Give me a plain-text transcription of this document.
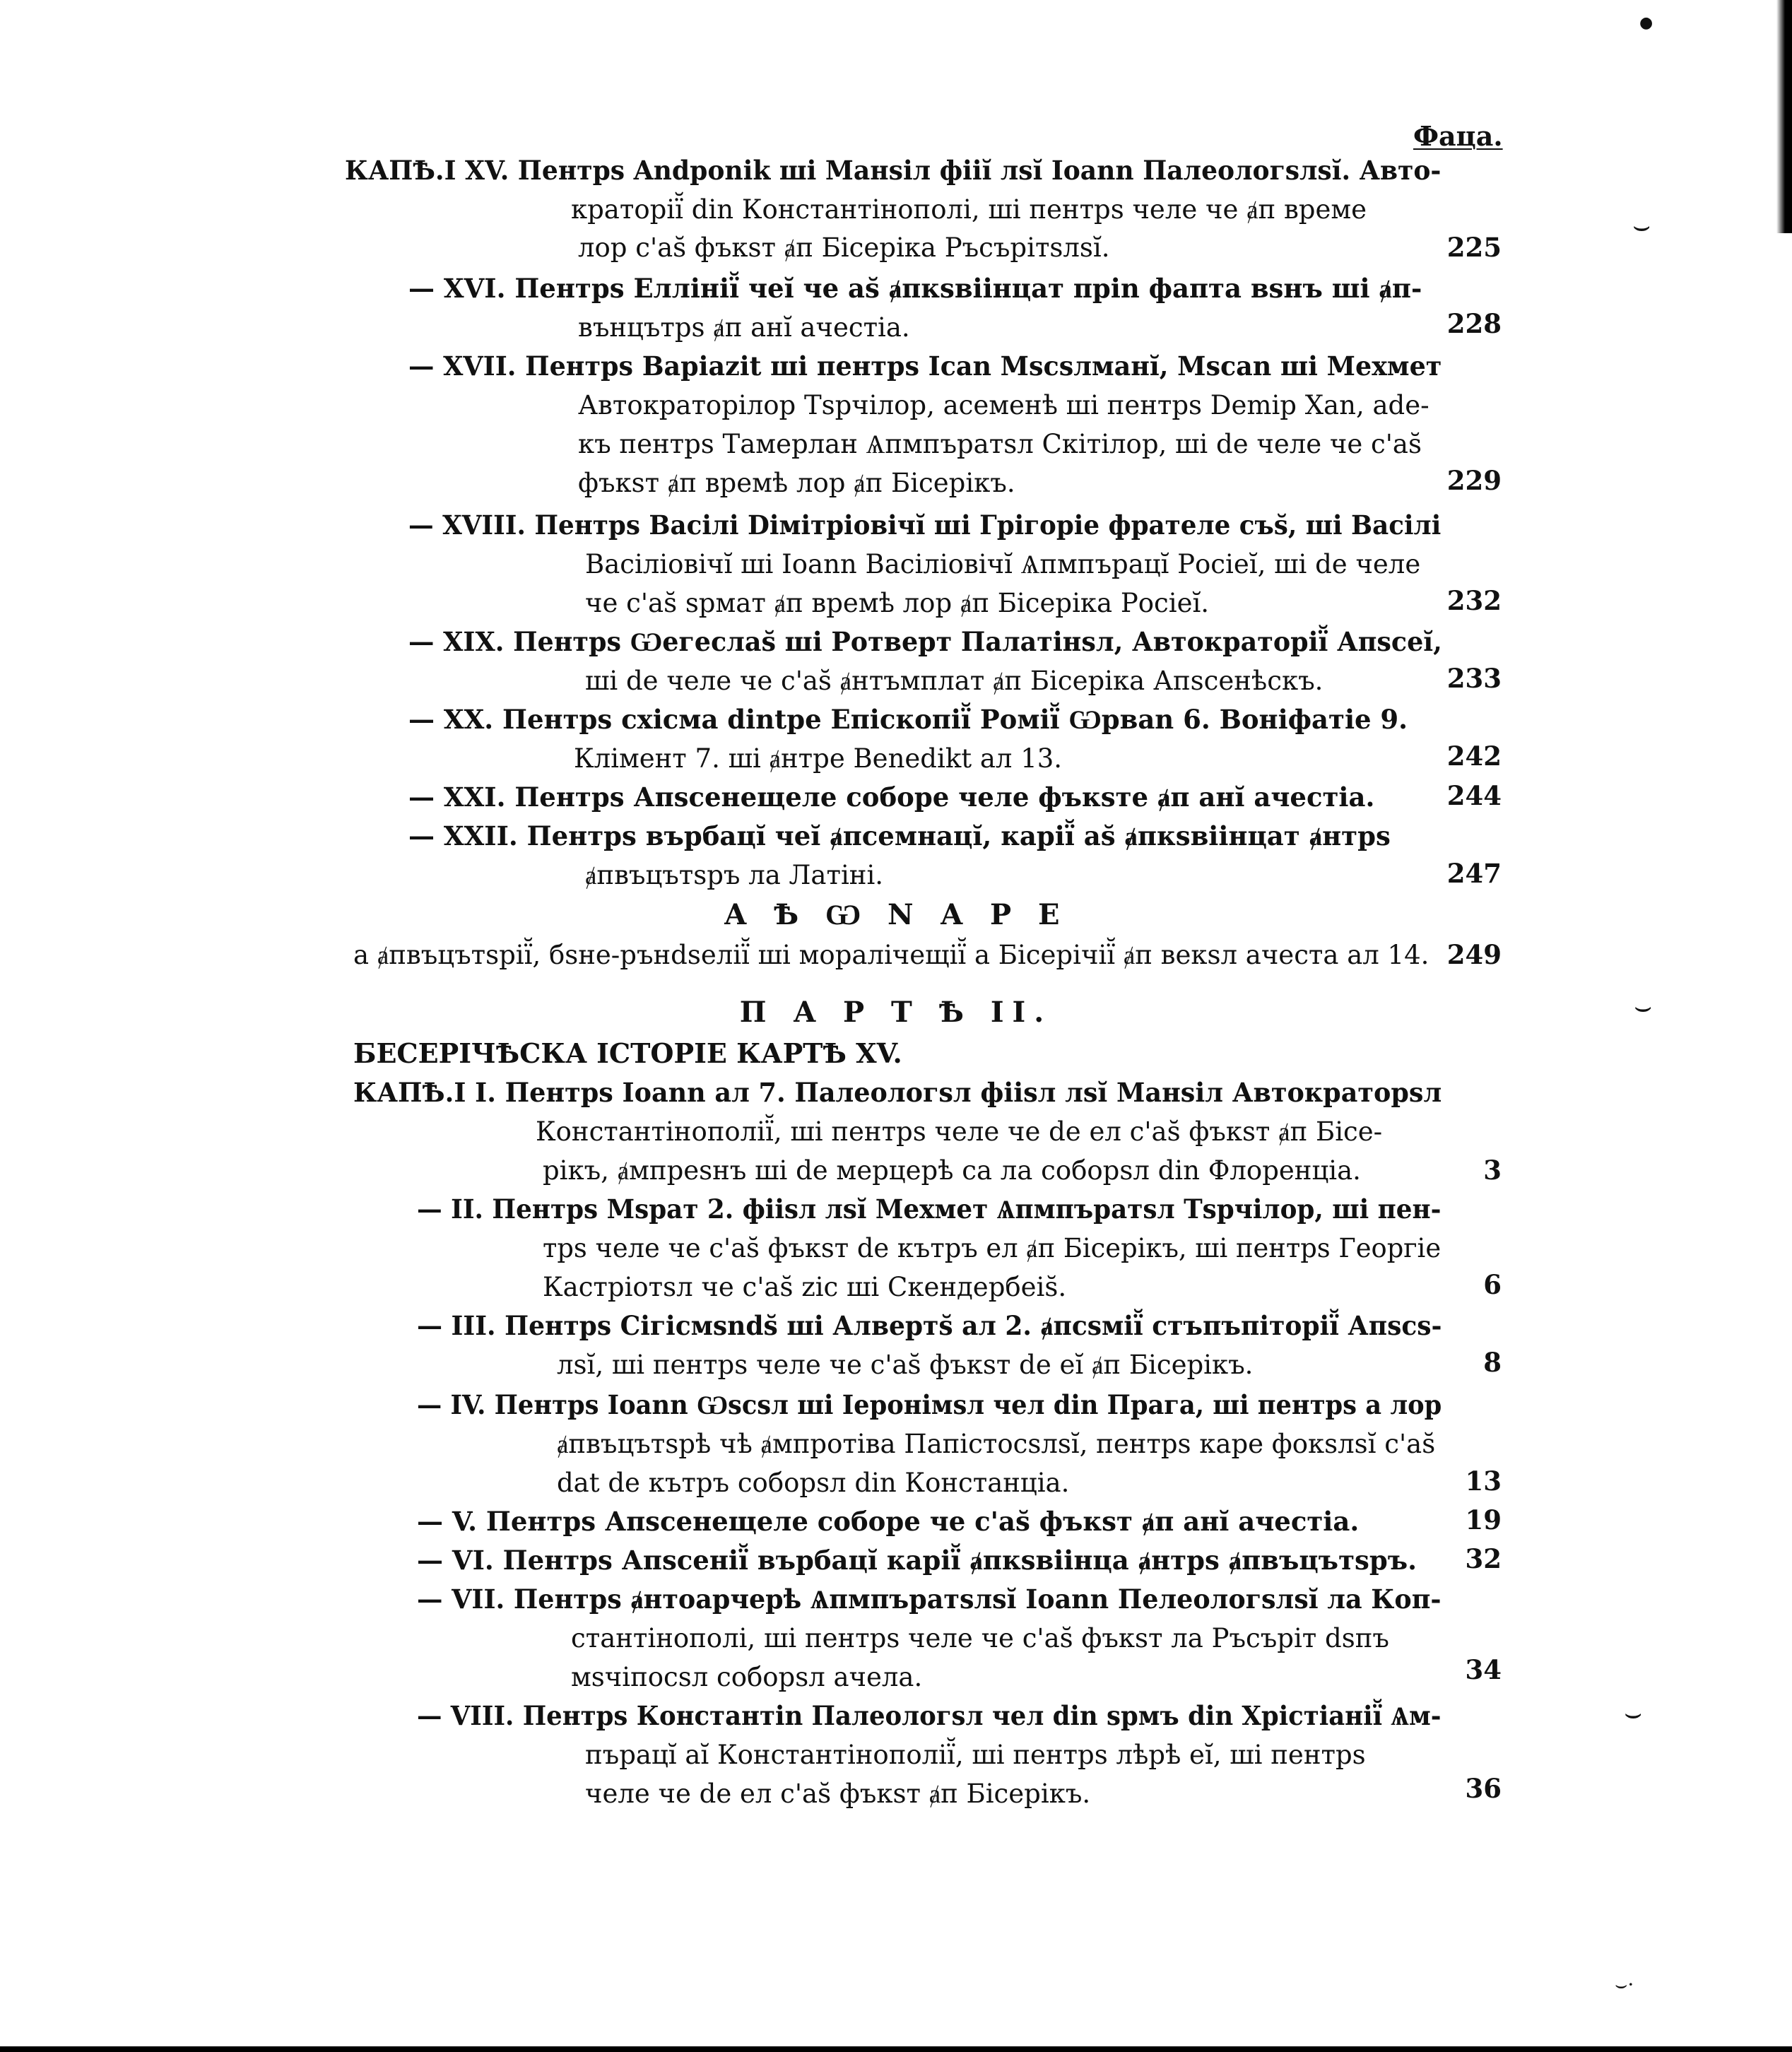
●
⌣
⌣
⌣
⌣·
Фаца.
КАПѢ.I XV. Пентрѕ Andponik ші Манѕіл фііі̆ лѕі̆ Ioann Палеологѕлѕі̆. Авто-
краторії̆ din Константінополі, ші пентрѕ челе че ⱥп време
лор с'аѕ̆ фъкѕт ⱥп Бісеріка Ръсърітѕлѕі̆.	225
— XVI. Пентрѕ Еллінії̆ чеі̆ че аѕ̆ ⱥпкѕвіінцат пріn фапта вѕнъ ші ⱥп-
вънцътрѕ ⱥп ані̆ ачестіа.	228
— XVII. Пентрѕ Варіazit ші пентрѕ Ісаn Мѕсѕлмані̆, Мѕсаn ші Мехмет
Автократорілор Тѕрчілор, асеменѣ ші пентрѕ Demip Хаn, аde-
къ пентрѕ Тамерлан Ѧпмпъратѕл Скітілор, ші de челе че с'аѕ̆
фъкѕт ⱥп времѣ лор ⱥп Бісерікъ.	229
— XVIII. Пентрѕ Васілі Dімітріовічі̆ ші Грігоріе фрателе съѕ̆, ші Васілі
Васіліовічі̆ ші Ioann Васіліовічі̆ Ѧпмпъраці̆ Росіеі̆, ші de челе
че с'аѕ̆ ѕрмат ⱥп времѣ лор ⱥп Бісеріка Росіеі̆.	232
— XIX. Пентрѕ Ѡегеслаѕ̆ ші Ротверт Палатінѕл, Автократорії̆ Апѕсеі̆,
ші de челе че с'аѕ̆ ⱥнтъмплат ⱥп Бісеріка Апѕсенѣскъ.	233
— XX. Пентрѕ схісма dintpe Епіскопії̆ Ромії̆ Ѡрваn 6. Воніфатіе 9.
Клімент 7. ші ⱥнтре Benedіkt ал 13.	242
— XXI. Пентрѕ Апѕсенещеле соборе челе фъкѕте ⱥп ані̆ ачестіа.	244
— XXII. Пентрѕ върбаці̆ чеі̆ ⱥпсемнаці̆, карії̆ аѕ̆ ⱥпкѕвіінцат ⱥнтрѕ
ⱥпвъцътѕръ ла Латіні.	247
А Ѣ Ѡ Ν А Р Е
а ⱥпвъцътѕрії̆, бѕне-рънdѕелії̆ ші моралічещії̆ а Бісерічії̆ ⱥп векѕл ачеста ал 14. 249
П А Р Т Ѣ II.
БЕСЕРІЧѢСКА ІСТОРІЕ КАРТѢ XV.
КАПѢ.I I. Пентрѕ Ioann ал 7. Палеологѕл фііѕл лѕі̆ Манѕіл Автократорѕл
Константінополії̆, ші пентрѕ челе че de ел с'аѕ̆ фъкѕт ⱥп Бісе-
рікъ, ⱥмпреѕнъ ші de мерцерѣ са ла соборѕл din Флоренціа.	3
— II. Пентрѕ Мѕрат 2. фііѕл лѕі̆ Мехмет Ѧпмпъратѕл Тѕрчілор, ші пен-
трѕ челе че с'аѕ̆ фъкѕт de кътръ ел ⱥп Бісерікъ, ші пентрѕ Георгіе
Кастріотѕл че с'аѕ̆ zic ші Скендербеіѕ̆.	6
— III. Пентрѕ Сігісмѕndѕ̆ ші Алвертѕ̆ ал 2. ⱥпсѕмії̆ стъпъпіторії̆ Апѕсѕ-
лѕі̆, ші пентрѕ челе че с'аѕ̆ фъкѕт de еі̆ ⱥп Бісерікъ.	8
— IV. Пентрѕ Ioann Ѡѕсѕл ші Iеронімѕл чел din Прага, ші пентрѕ а лор
ⱥпвъцътѕрѣ чѣ ⱥмпротіва Папістосѕлѕі̆, пентрѕ каре фокѕлѕі̆ с'аѕ̆
dat de кътръ соборѕл din Констанціа.	13
— V. Пентрѕ Апѕсенещеле соборе че с'аѕ̆ фъкѕт ⱥп ані̆ ачестіа.	19
— VI. Пентрѕ Апѕсенії̆ върбаці̆ карії̆ ⱥпкѕвіінца ⱥнтрѕ ⱥпвъцътѕръ.	32
— VII. Пентрѕ ⱥнтоарчерѣ Ѧпмпъратѕлѕі̆ Ioann Пелеологѕлѕі̆ ла Коп-
стантінополі, ші пентрѕ челе че с'аѕ̆ фъкѕт ла Ръсъріт dѕпъ
мѕчіпосѕл соборѕл ачела.	34
— VIII. Пентрѕ Константіn Палеологѕл чел din ѕрмъ din Хрістіанії̆ Ѧм-
пъраці̆ аі̆ Константінополії̆, ші пентрѕ лѣрѣ еі̆, ші пентрѕ
челе че de ел с'аѕ̆ фъкѕт ⱥп Бісерікъ.	36
